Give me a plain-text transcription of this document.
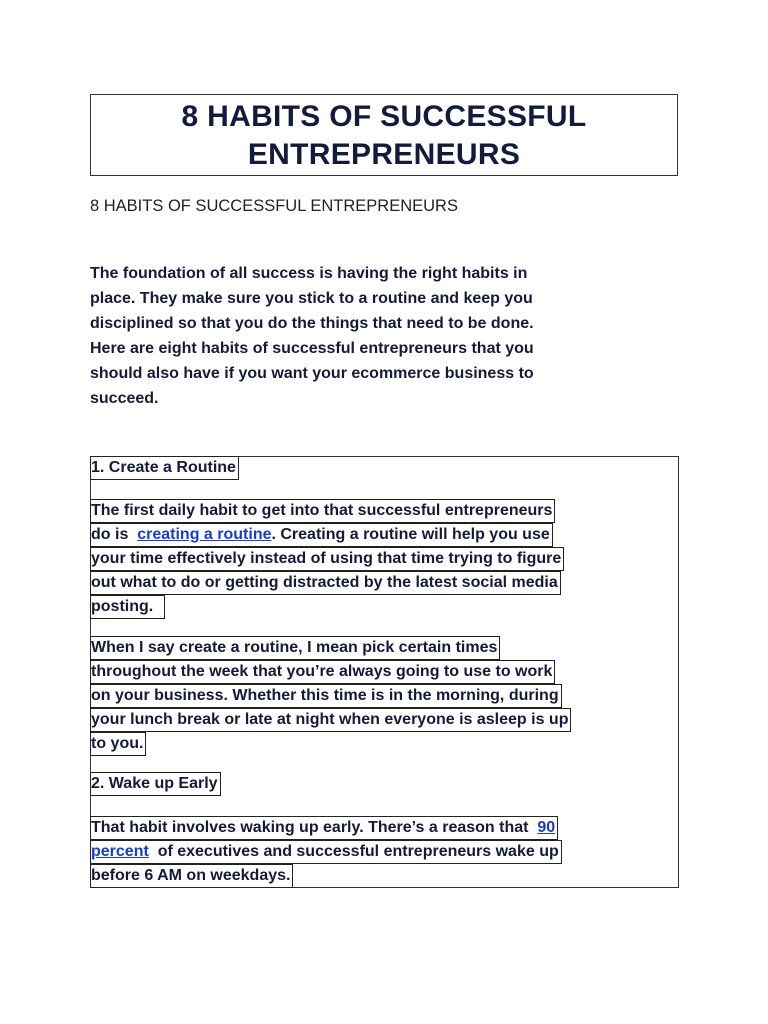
8 HABITS OF SUCCESSFUL
ENTREPRENEURS
8 HABITS OF SUCCESSFUL ENTREPRENEURS

The foundation of all success is having the right habits in
place. They make sure you stick to a routine and keep you
disciplined so that you do the things that need to be done.
Here are eight habits of successful entrepreneurs that you
should also have if you want your ecommerce business to
succeed.

1. Create a Routine
The first daily habit to get into that successful entrepreneurs
do is  creating a routine. Creating a routine will help you use
your time effectively instead of using that time trying to figure
out what to do or getting distracted by the latest social media
posting.
When I say create a routine, I mean pick certain times
throughout the week that you’re always going to use to work
on your business. Whether this time is in the morning, during
your lunch break or late at night when everyone is asleep is up
to you.
2. Wake up Early
That habit involves waking up early. There’s a reason that  90
percent  of executives and successful entrepreneurs wake up
before 6 AM on weekdays.
